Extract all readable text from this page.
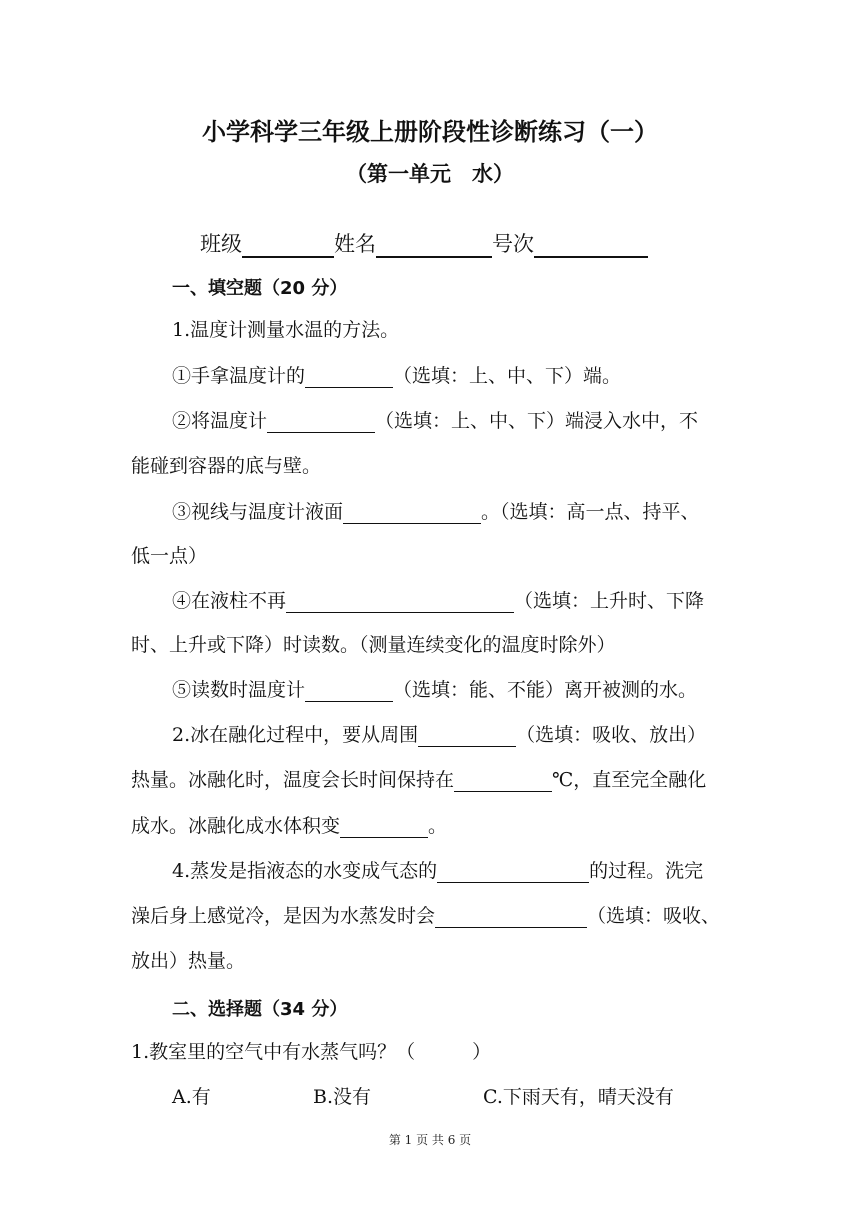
小学科学三年级上册阶段性诊断练习（一）
（第一单元　水）
班级	姓名	号次
一、填空题（20 分）
1.温度计测量水温的方法。
①手拿温度计的	（选填：上、中、下）端。
②将温度计	（选填：上、中、下）端浸入水中，不
能碰到容器的底与壁。
③视线与温度计液面	。（选填：高一点、持平、
低一点）
④在液柱不再	（选填：上升时、下降
时、上升或下降）时读数。（测量连续变化的温度时除外）
⑤读数时温度计	（选填：能、不能）离开被测的水。
2.冰在融化过程中，要从周围	（选填：吸收、放出）
热量。冰融化时，温度会长时间保持在	℃，直至完全融化
成水。冰融化成水体积变	。
4.蒸发是指液态的水变成气态的	的过程。洗完
澡后身上感觉冷，是因为水蒸发时会	（选填：吸收、
放出）热量。
二、选择题（34 分）
1.教室里的空气中有水蒸气吗？（　　　）
A.有	B.没有	C.下雨天有，晴天没有
第 1 页 共 6 页
